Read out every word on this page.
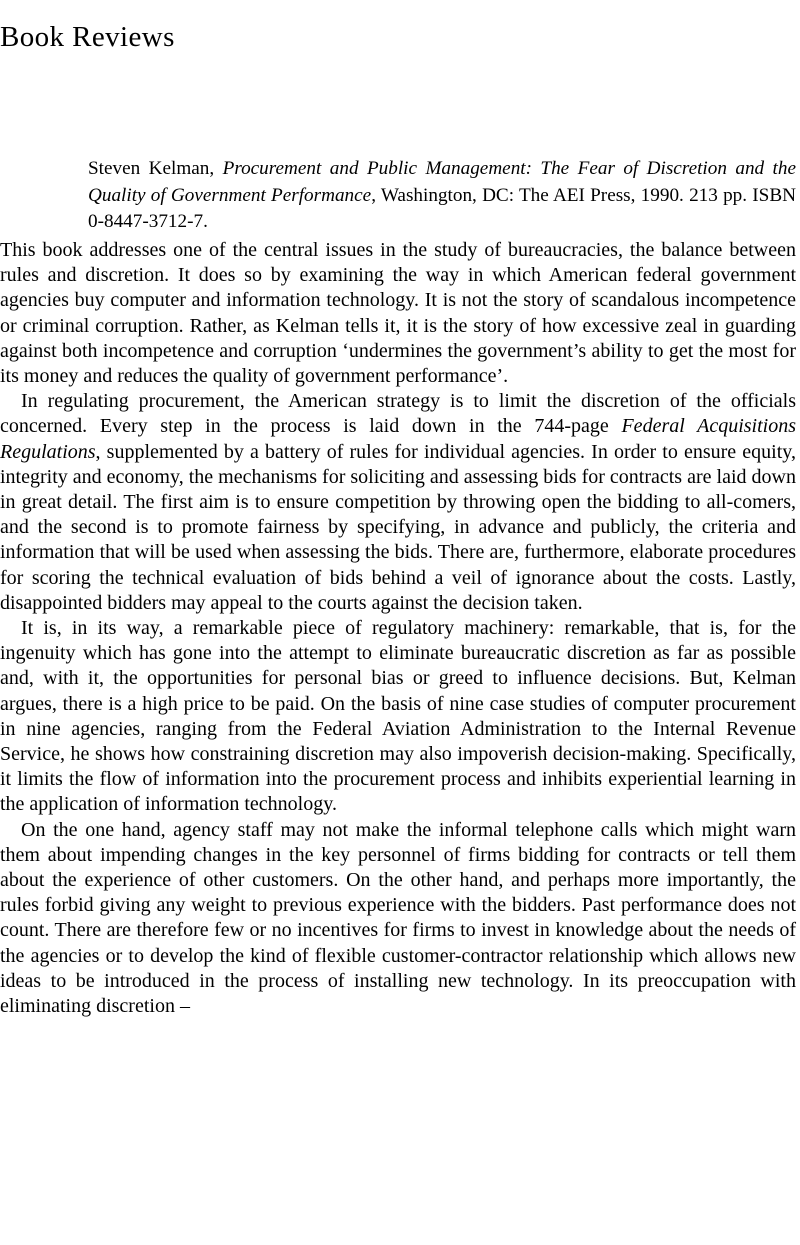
Book Reviews
Steven Kelman, Procurement and Public Management: The Fear of Discretion and the Quality of Government Performance, Washington, DC: The AEI Press, 1990. 213 pp. ISBN 0-8447-3712-7.

This book addresses one of the central issues in the study of bureaucracies, the balance between rules and discretion. It does so by examining the way in which American federal government agencies buy computer and information technology. It is not the story of scandalous incompetence or criminal corruption. Rather, as Kelman tells it, it is the story of how excessive zeal in guarding against both incompetence and corruption ‘undermines the government’s ability to get the most for its money and reduces the quality of government performance’.

In regulating procurement, the American strategy is to limit the discretion of the officials concerned. Every step in the process is laid down in the 744-page Federal Acquisitions Regulations, supplemented by a battery of rules for individual agencies. In order to ensure equity, integrity and economy, the mechanisms for soliciting and assessing bids for contracts are laid down in great detail. The first aim is to ensure competition by throwing open the bidding to all-comers, and the second is to promote fairness by specifying, in advance and publicly, the criteria and information that will be used when assessing the bids. There are, furthermore, elaborate procedures for scoring the technical evaluation of bids behind a veil of ignorance about the costs. Lastly, disappointed bidders may appeal to the courts against the decision taken.

It is, in its way, a remarkable piece of regulatory machinery: remarkable, that is, for the ingenuity which has gone into the attempt to eliminate bureaucratic discretion as far as possible and, with it, the opportunities for personal bias or greed to influence decisions. But, Kelman argues, there is a high price to be paid. On the basis of nine case studies of computer procurement in nine agencies, ranging from the Federal Aviation Administration to the Internal Revenue Service, he shows how constraining discretion may also impoverish decision-making. Specifically, it limits the flow of information into the procurement process and inhibits experiential learning in the application of information technology.

On the one hand, agency staff may not make the informal telephone calls which might warn them about impending changes in the key personnel of firms bidding for contracts or tell them about the experience of other customers. On the other hand, and perhaps more importantly, the rules forbid giving any weight to previous experience with the bidders. Past performance does not count. There are therefore few or no incentives for firms to invest in knowledge about the needs of the agencies or to develop the kind of flexible customer-contractor relationship which allows new ideas to be introduced in the process of installing new technology. In its preoccupation with eliminating discretion –
